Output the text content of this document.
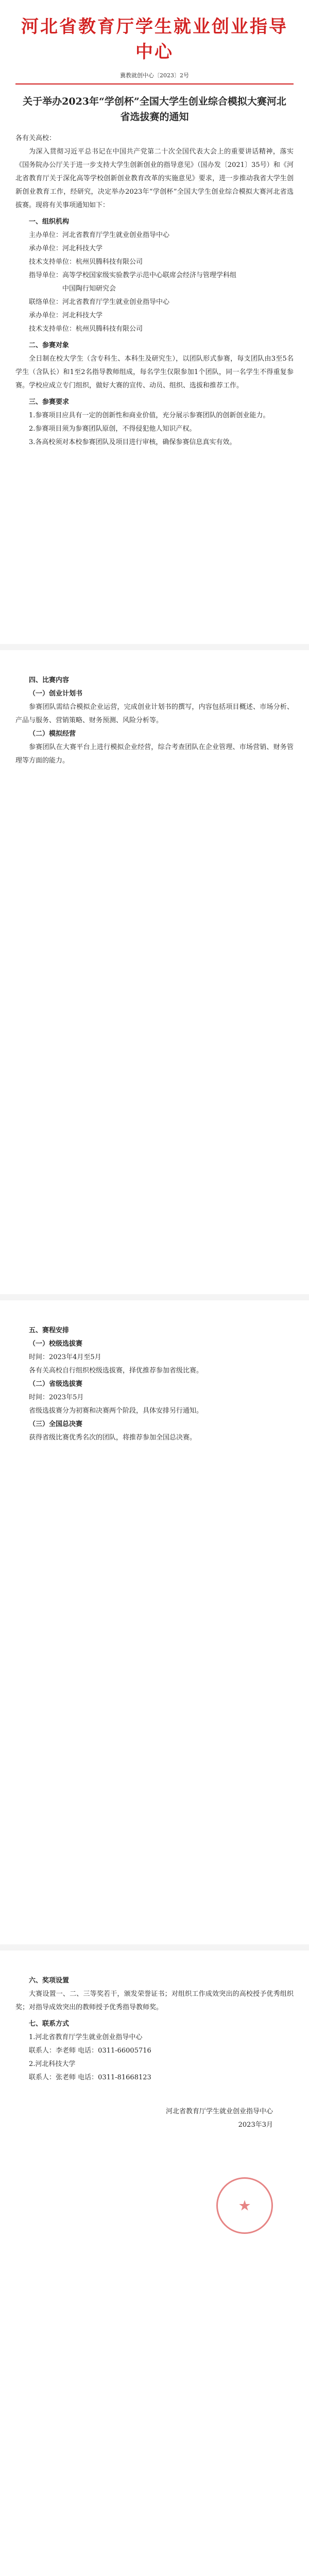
河北省教育厅学生就业创业指导中心
冀教就创中心〔2023〕2号
关于举办2023年“学创杯”全国大学生创业综合模拟大赛河北省选拔赛的通知

各有关高校：

为深入贯彻习近平总书记在中国共产党第二十次全国代表大会上的重要讲话精神，落实《国务院办公厅关于进一步支持大学生创新创业的指导意见》（国办发〔2021〕35号）和《河北省教育厅关于深化高等学校创新创业教育改革的实施意见》要求，进一步推动我省大学生创新创业教育工作，经研究，决定举办2023年“学创杯”全国大学生创业综合模拟大赛河北省选拔赛。现将有关事项通知如下：

一、组织机构

主办单位：河北省教育厅学生就业创业指导中心

承办单位：河北科技大学

技术支持单位：杭州贝腾科技有限公司

指导单位：高等学校国家级实验教学示范中心联席会经济与管理学科组

中国陶行知研究会

联络单位：河北省教育厅学生就业创业指导中心

承办单位：河北科技大学

技术支持单位：杭州贝腾科技有限公司

二、参赛对象

全日制在校大学生（含专科生、本科生及研究生），以团队形式参赛，每支团队由3至5名学生（含队长）和1至2名指导教师组成，每名学生仅限参加1个团队，同一名学生不得重复参赛。学校应成立专门组织，做好大赛的宣传、动员、组织、选拔和推荐工作。

三、参赛要求

1.参赛项目应具有一定的创新性和商业价值，充分展示参赛团队的创新创业能力。

2.参赛项目须为参赛团队原创，不得侵犯他人知识产权。

3.各高校须对本校参赛团队及项目进行审核，确保参赛信息真实有效。

四、比赛内容

（一）创业计划书

参赛团队需结合模拟企业运营，完成创业计划书的撰写，内容包括项目概述、市场分析、产品与服务、营销策略、财务预测、风险分析等。

（二）模拟经营

参赛团队在大赛平台上进行模拟企业经营，综合考查团队在企业管理、市场营销、财务管理等方面的能力。

五、赛程安排

（一）校级选拔赛

时间：2023年4月至5月

各有关高校自行组织校级选拔赛，择优推荐参加省级比赛。

（二）省级选拔赛

时间：2023年5月

省级选拔赛分为初赛和决赛两个阶段，具体安排另行通知。

（三）全国总决赛

获得省级比赛优秀名次的团队，将推荐参加全国总决赛。

六、奖项设置

大赛设置一、二、三等奖若干，颁发荣誉证书；对组织工作成效突出的高校授予优秀组织奖；对指导成效突出的教师授予优秀指导教师奖。

七、联系方式

1.河北省教育厅学生就业创业指导中心

联系人：李老师 电话：0311-66005716

2.河北科技大学

联系人：张老师 电话：0311-81668123

★
河北省教育厅学生就业创业指导中心
2023年3月
